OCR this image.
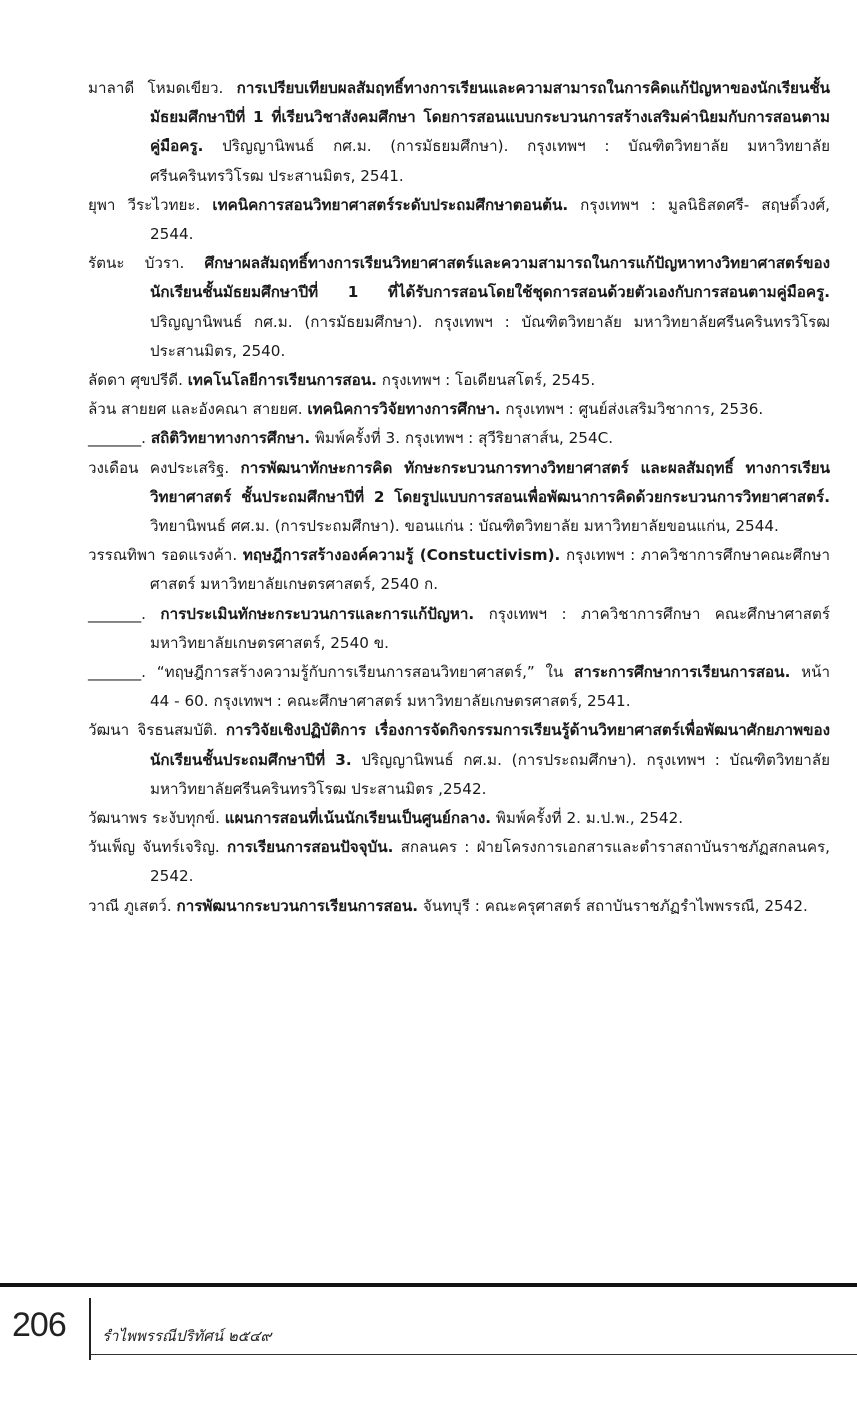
มาลาดี โหมดเขียว. การเปรียบเทียบผลสัมฤทธิ์ทางการเรียนและความสามารถในการคิดแก้ปัญหาของนักเรียนชั้นมัธยมศึกษาปีที่ 1 ที่เรียนวิชาสังคมศึกษา โดยการสอนแบบกระบวนการสร้างเสริมค่านิยมกับการสอนตามคู่มือครู. ปริญญานิพนธ์ กศ.ม. (การมัธยมศึกษา). กรุงเทพฯ : บัณฑิตวิทยาลัย มหาวิทยาลัยศรีนครินทรวิโรฒ ประสานมิตร, 2541.

ยุพา วีระไวทยะ. เทคนิคการสอนวิทยาศาสตร์ระดับประถมศึกษาตอนต้น. กรุงเทพฯ : มูลนิธิสดศรี- สฤษดิ์วงศ์, 2544.

รัตนะ บัวรา. ศึกษาผลสัมฤทธิ์ทางการเรียนวิทยาศาสตร์และความสามารถในการแก้ปัญหาทางวิทยาศาสตร์ของนักเรียนชั้นมัธยมศึกษาปีที่ 1 ที่ได้รับการสอนโดยใช้ชุดการสอนด้วยตัวเองกับการสอนตามคู่มือครู. ปริญญานิพนธ์ กศ.ม. (การมัธยมศึกษา). กรุงเทพฯ : บัณฑิตวิทยาลัย มหาวิทยาลัยศรีนครินทรวิโรฒ ประสานมิตร, 2540.

ลัดดา ศุขปรีดี. เทคโนโลยีการเรียนการสอน. กรุงเทพฯ : โอเดียนสโตร์, 2545.

ล้วน สายยศ และอังคณา สายยศ. เทคนิคการวิจัยทางการศึกษา. กรุงเทพฯ : ศูนย์ส่งเสริมวิชาการ, 2536.

_______. สถิติวิทยาทางการศึกษา. พิมพ์ครั้งที่ 3. กรุงเทพฯ : สุวีริยาสาส์น, 254C.

วงเดือน คงประเสริฐ. การพัฒนาทักษะการคิด ทักษะกระบวนการทางวิทยาศาสตร์ และผลสัมฤทธิ์ ทางการเรียนวิทยาศาสตร์ ชั้นประถมศึกษาปีที่ 2 โดยรูปแบบการสอนเพื่อพัฒนาการคิดด้วยกระบวนการวิทยาศาสตร์. วิทยานิพนธ์ ศศ.ม. (การประถมศึกษา). ขอนแก่น : บัณฑิตวิทยาลัย มหาวิทยาลัยขอนแก่น, 2544.

วรรณทิพา รอดแรงค้า. ทฤษฎีการสร้างองค์ความรู้ (Constuctivism). กรุงเทพฯ : ภาควิชาการศึกษาคณะศึกษาศาสตร์ มหาวิทยาลัยเกษตรศาสตร์, 2540 ก.

_______. การประเมินทักษะกระบวนการและการแก้ปัญหา. กรุงเทพฯ : ภาควิชาการศึกษา คณะศึกษาศาสตร์ มหาวิทยาลัยเกษตรศาสตร์, 2540 ข.

_______. “ทฤษฎีการสร้างความรู้กับการเรียนการสอนวิทยาศาสตร์,” ใน สาระการศึกษาการเรียนการสอน. หน้า 44 - 60. กรุงเทพฯ : คณะศึกษาศาสตร์ มหาวิทยาลัยเกษตรศาสตร์, 2541.

วัฒนา จิรธนสมบัติ. การวิจัยเชิงปฏิบัติการ เรื่องการจัดกิจกรรมการเรียนรู้ด้านวิทยาศาสตร์เพื่อพัฒนาศักยภาพของนักเรียนชั้นประถมศึกษาปีที่ 3. ปริญญานิพนธ์ กศ.ม. (การประถมศึกษา). กรุงเทพฯ : บัณฑิตวิทยาลัย มหาวิทยาลัยศรีนครินทรวิโรฒ ประสานมิตร ,2542.

วัฒนาพร ระงับทุกข์. แผนการสอนที่เน้นนักเรียนเป็นศูนย์กลาง. พิมพ์ครั้งที่ 2. ม.ป.พ., 2542.

วันเพ็ญ จันทร์เจริญ. การเรียนการสอนปัจจุบัน. สกลนคร : ฝ่ายโครงการเอกสารและตำราสถาบันราชภัฏสกลนคร, 2542.

วาณี ภูเสตว์. การพัฒนากระบวนการเรียนการสอน. จันทบุรี : คณะครุศาสตร์ สถาบันราชภัฏรำไพพรรณี, 2542.

206 รำไพพรรณีปริทัศน์ ๒๕๔๙
